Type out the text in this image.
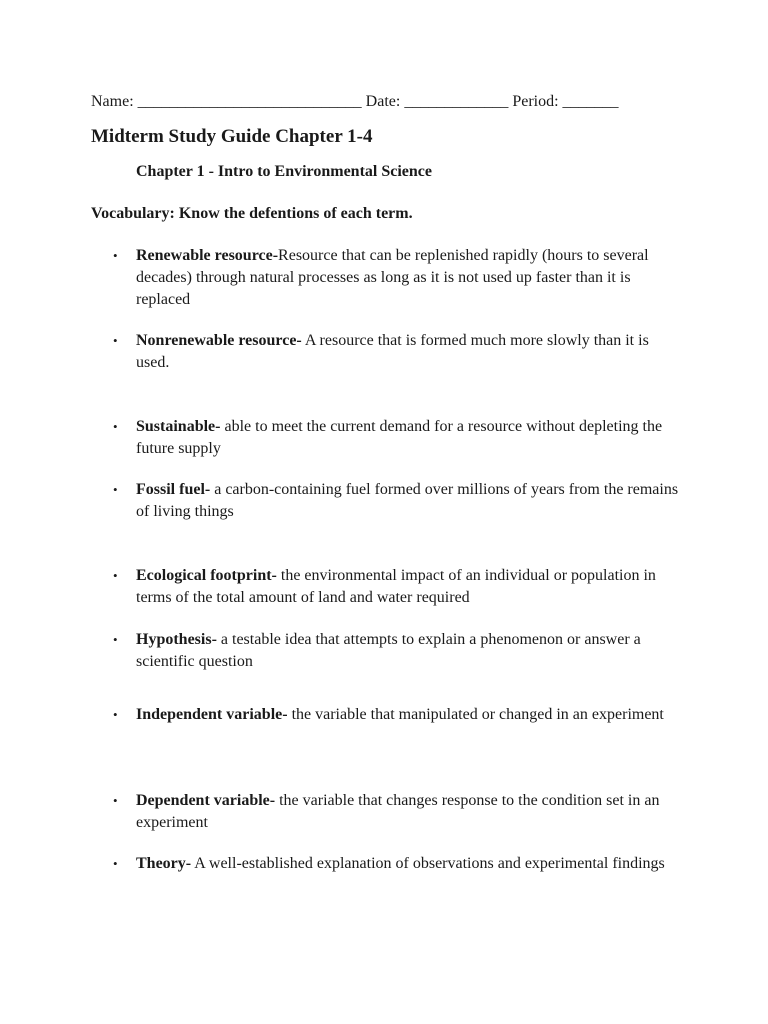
Name: ____________________________ Date: _____________ Period: _______
Midterm Study Guide Chapter 1-4
Chapter 1 - Intro to Environmental Science
Vocabulary: Know the defentions of each term.
• Renewable resource-Resource that can be replenished rapidly (hours to several decades) through natural processes as long as it is not used up faster than it is replaced
• Nonrenewable resource- A resource that is formed much more slowly than it is used.
• Sustainable- able to meet the current demand for a resource without depleting the future supply
• Fossil fuel- a carbon-containing fuel formed over millions of years from the remains of living things
• Ecological footprint- the environmental impact of an individual or population in terms of the total amount of land and water required
• Hypothesis- a testable idea that attempts to explain a phenomenon or answer a scientific question
• Independent variable- the variable that manipulated or changed in an experiment
• Dependent variable- the variable that changes response to the condition set in an experiment
• Theory- A well-established explanation of observations and experimental findings
